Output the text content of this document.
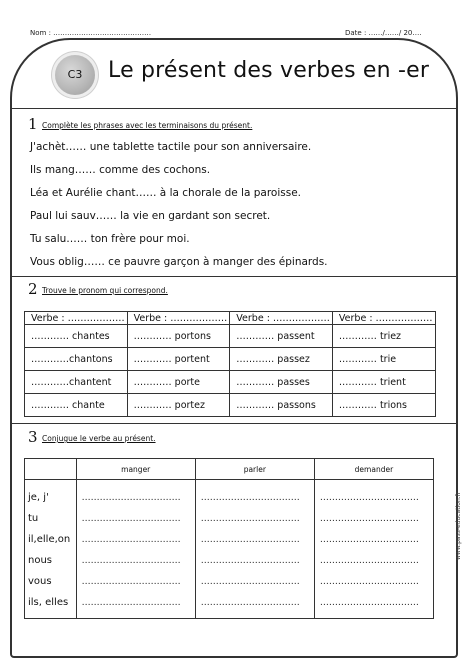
Nom : ……………………………………	Date : ……/……/ 20….
C3	Le présent des verbes en -er
1 Complète les phrases avec les terminaisons du présent.
J'achèt…… une tablette tactile pour son anniversaire.
Ils mang…… comme des cochons.
Léa et Aurélie chant…… à la chorale de la paroisse.
Paul lui sauv…… la vie en gardant son secret.
Tu salu…… ton frère pour moi.
Vous oblig…… ce pauvre garçon à manger des épinards.
2 Trouve le pronom qui correspond.
Verbe : ………………	Verbe : ………………	Verbe : ………………	Verbe : ………………
………… chantes	………… portons	………… passent	………… triez
…………chantons	………… portent	………… passez	………… trie
…………chantent	………… porte	………… passes	………… trient
………… chante	………… portez	………… passons	………… trions
3 Conjugue le verbe au présent.
	manger	parler	demander
je, j'	……………………………	……………………………	……………………………
tu	……………………………	……………………………	……………………………
il,elle,on	……………………………	……………………………	……………………………
nous	……………………………	……………………………	……………………………
vous	……………………………	……………………………	……………………………
ils, elles	……………………………	……………………………	……………………………
www.pass-education.fr
